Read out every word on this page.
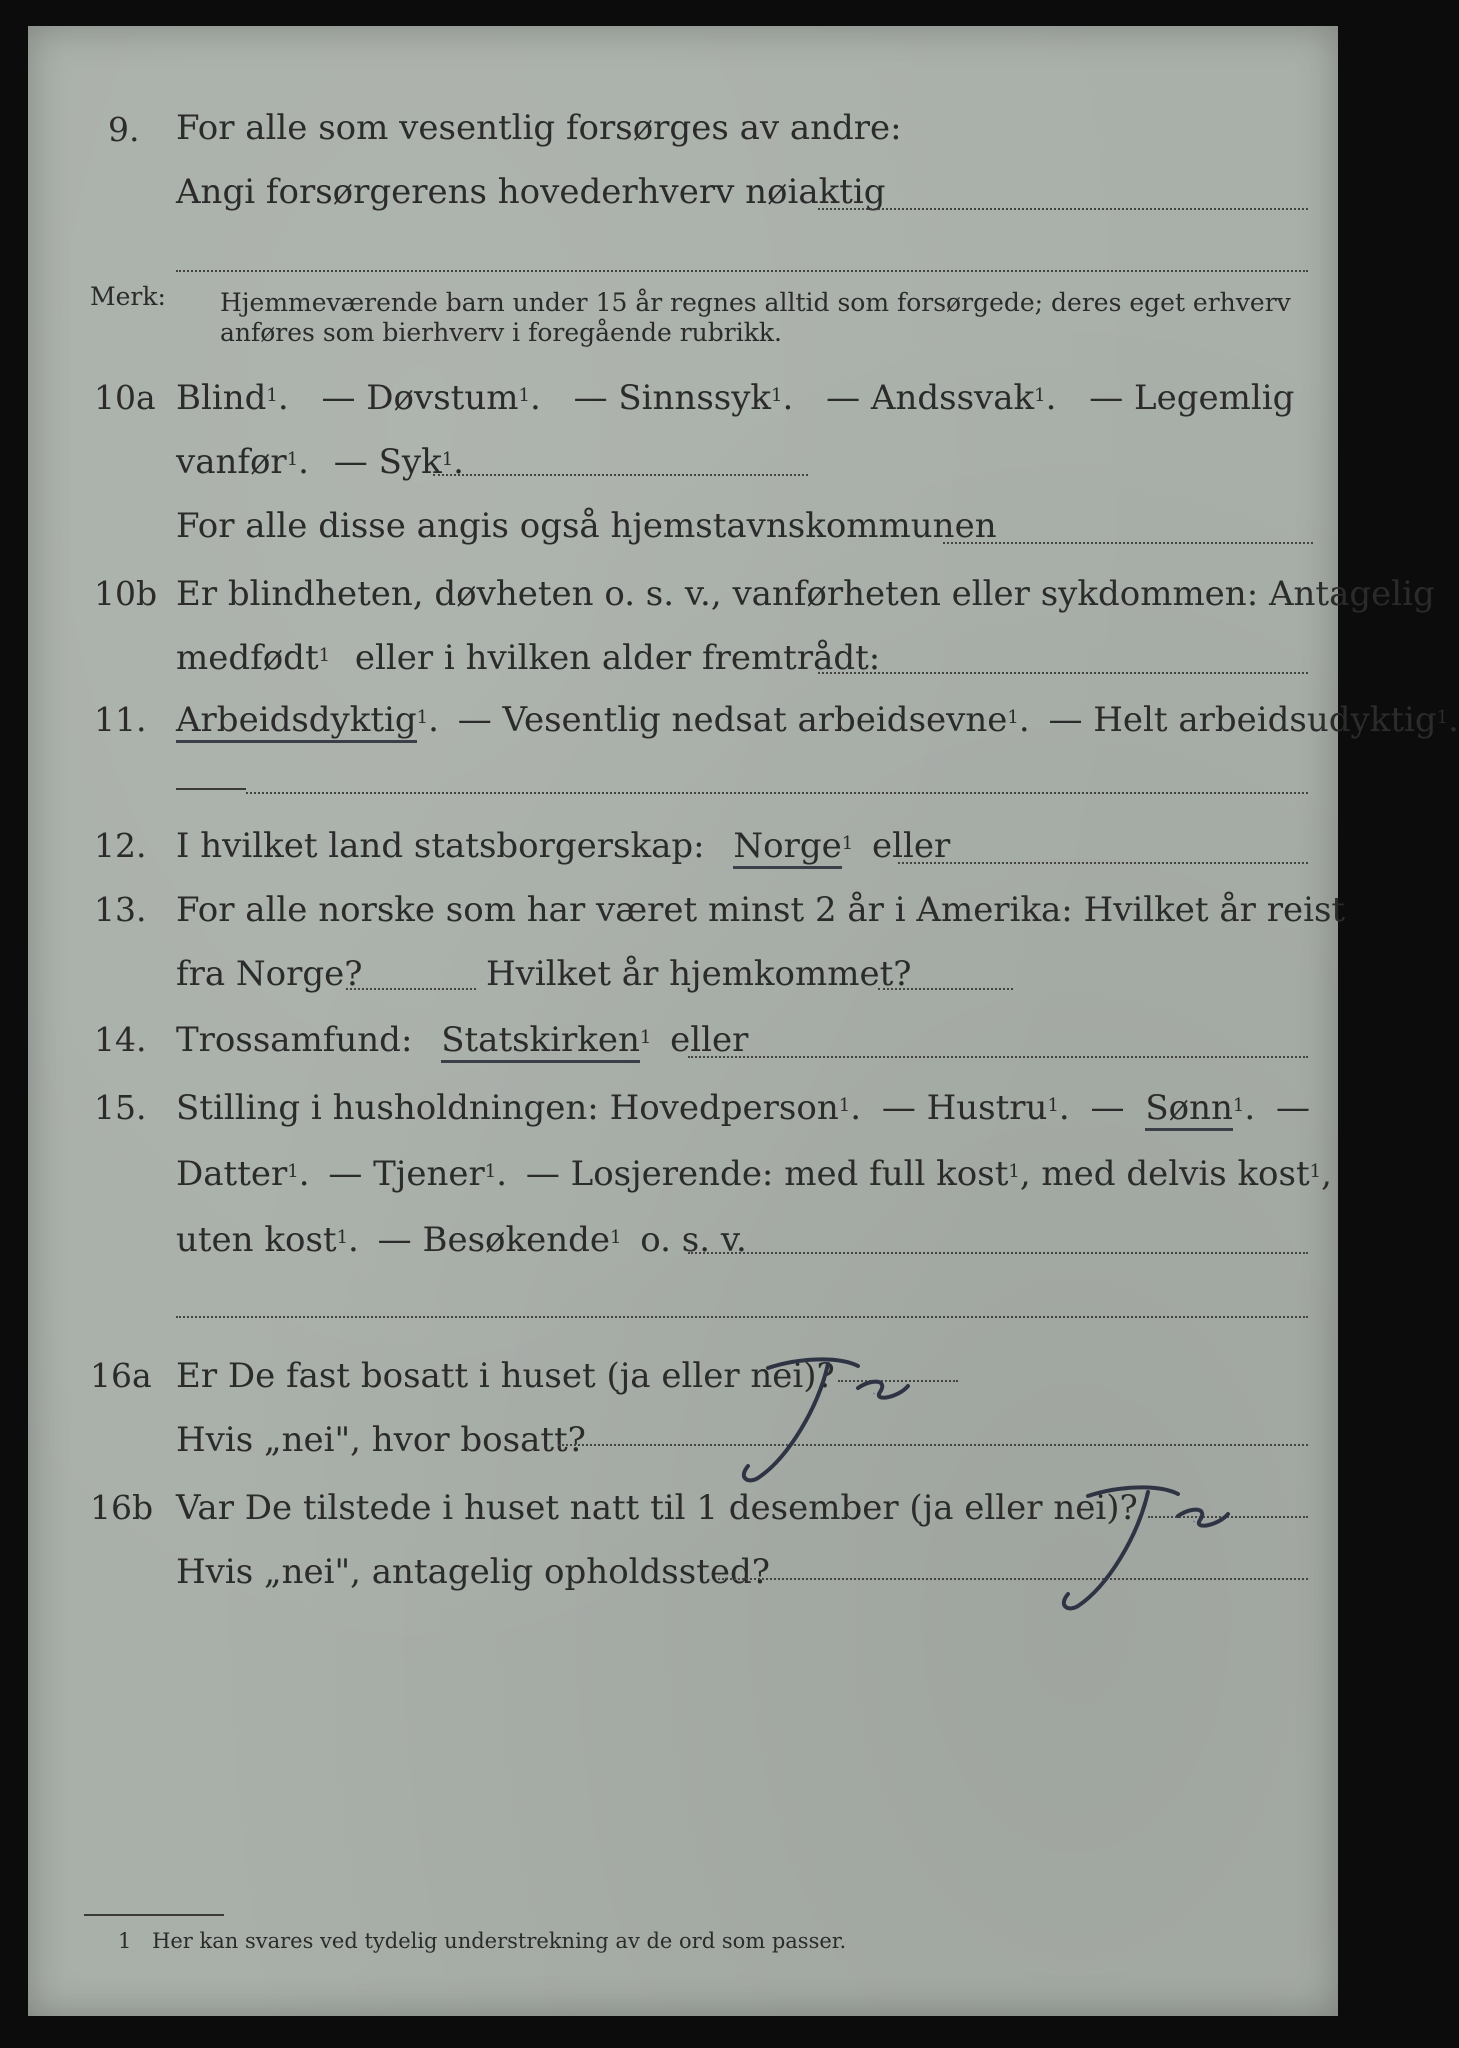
9. For alle som vesentlig forsørges av andre:
Angi forsørgerens hovederhverv nøiaktig
Merk: Hjemmeværende barn under 15 år regnes alltid som forsørgede; deres eget erhverv
anføres som bierhverv i foregående rubrikk.
10a Blind$^1$. — Døvstum$^1$. — Sinnssyk$^1$. — Andssvak$^1$. — Legemlig
vanfør$^1$. — Syk$^1$.
For alle disse angis også hjemstavnskommunen
10b Er blindheten, døvheten o. s. v., vanførheten eller sykdommen: Antagelig
medfødt$^1$ eller i hvilken alder fremtrådt:
11. Arbeidsdyktig$^1$. — Vesentlig nedsat arbeidsevne$^1$. — Helt arbeidsudyktig$^1$.
12. I hvilket land statsborgerskap: Norge$^1$ eller
13. For alle norske som har været minst 2 år i Amerika: Hvilket år reist
fra Norge?	Hvilket år hjemkommet?
14. Trossamfund: Statskirken$^1$ eller
15. Stilling i husholdningen: Hovedperson$^1$. — Hustru$^1$. — Sønn$^1$. —
Datter$^1$. — Tjener$^1$. — Losjerende: med full kost$^1$, med delvis kost$^1$,
uten kost$^1$. — Besøkende$^1$ o. s. v.
16a Er De fast bosatt i huset (ja eller nei)?
Hvis „nei", hvor bosatt?
16b Var De tilstede i huset natt til 1 desember (ja eller nei)?
Hvis „nei", antagelig opholdssted?
Ja
Ja
1 Her kan svares ved tydelig understrekning av de ord som passer.
